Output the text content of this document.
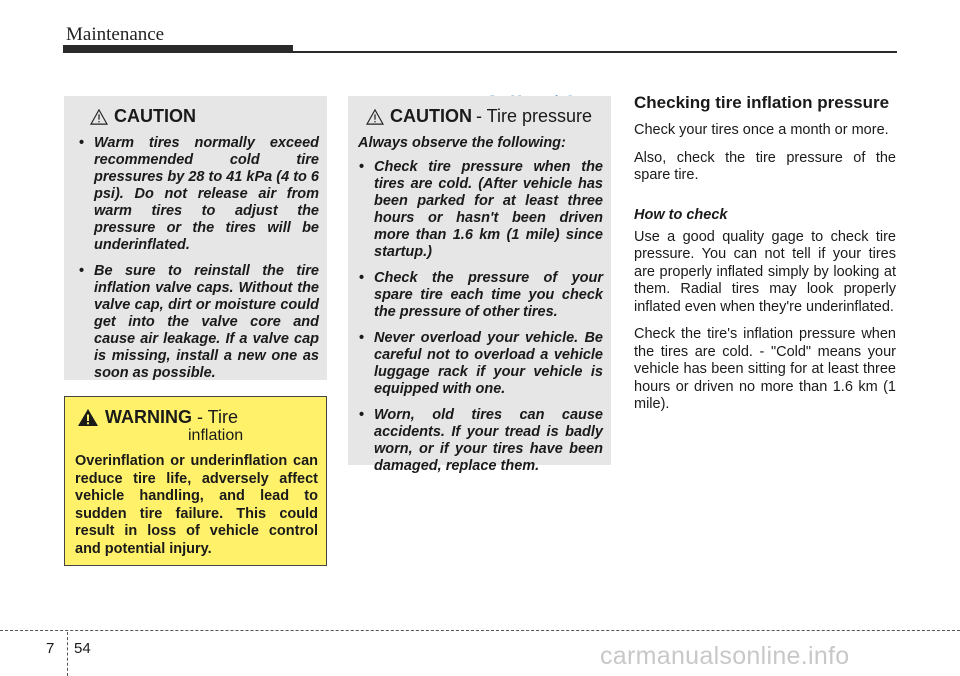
Maintenance
CAUTION
• Warm tires normally exceed recommended cold tire pressures by 28 to 41 kPa (4 to 6 psi). Do not release air from warm tires to adjust the pressure or the tires will be underinflated.
• Be sure to reinstall the tire inflation valve caps. Without the valve cap, dirt or moisture could get into the valve core and cause air leakage. If a valve cap is missing, install a new one as soon as possible.
WARNING - Tire
inflation

Overinflation or underinflation can reduce tire life, adversely affect vehicle handling, and lead to sudden tire failure. This could result in loss of vehicle control and potential injury.

CAUTION - Tire pressure

Always observe the following:

• Check tire pressure when the tires are cold. (After vehicle has been parked for at least three hours or hasn't been driven more than 1.6 km (1 mile) since startup.)
• Check the pressure of your spare tire each time you check the pressure of other tires.
• Never overload your vehicle. Be careful not to overload a vehicle luggage rack if your vehicle is equipped with one.
• Worn, old tires can cause accidents. If your tread is badly worn, or if your tires have been damaged, replace them.
Checking tire inflation pressure

Check your tires once a month or more.

Also, check the tire pressure of the spare tire.

How to check

Use a good quality gage to check tire pressure. You can not tell if your tires are properly inflated simply by looking at them. Radial tires may look properly inflated even when they're underinflated.

Check the tire's inflation pressure when the tires are cold. - "Cold" means your vehicle has been sitting for at least three hours or driven no more than 1.6 km (1 mile).

7 54	carmanualsonline.info
